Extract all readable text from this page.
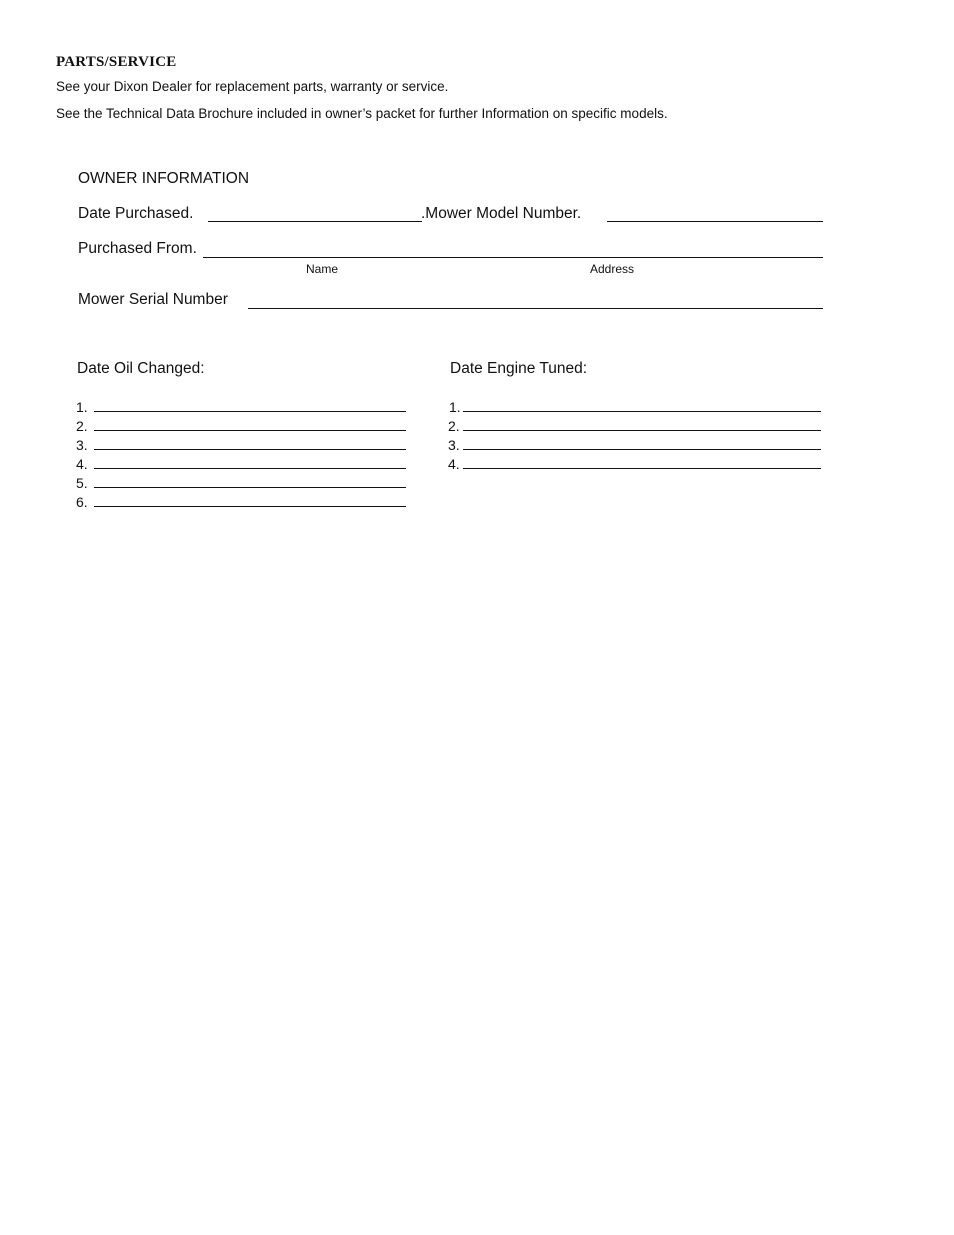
PARTS/SERVICE
See your Dixon Dealer for replacement parts, warranty or service.
See the Technical Data Brochure included in owner’s packet for further Information on specific models.
OWNER INFORMATION
Date Purchased.	.Mower Model Number.
Purchased From.
Name	Address
Mower Serial Number
Date Oil Changed:
1.
2.
3.
4.
5.
6.
Date Engine Tuned:
1.
2.
3.
4.
